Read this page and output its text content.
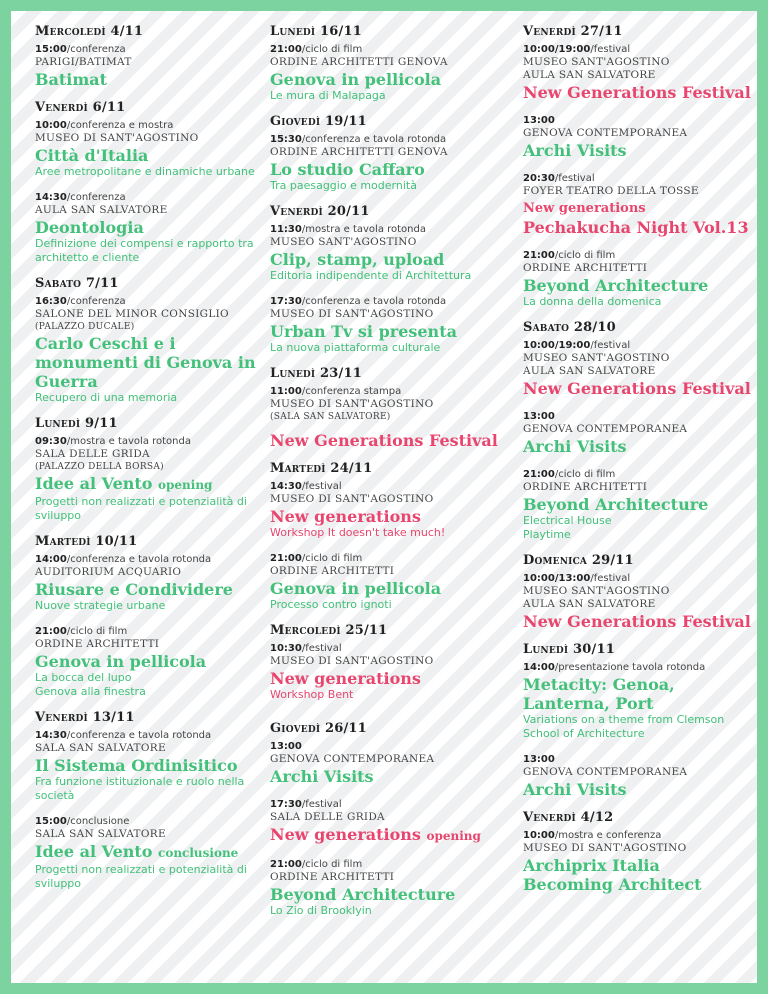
Mercoledì 4/11
15:00/conferenza
PARIGI/BATIMAT
Batimat
Venerdì 6/11
10:00/conferenza e mostra
MUSEO DI SANT'AGOSTINO
Città d'Italia
Aree metropolitane e dinamiche urbane
14:30/conferenza
AULA SAN SALVATORE
Deontologia
Definizione dei compensi e rapporto tra architetto e cliente
Sabato 7/11
16:30/conferenza
SALONE DEL MINOR CONSIGLIO
(PALAZZO DUCALE)
Carlo Ceschi e i monumenti di Genova in Guerra
Recupero di una memoria
Lunedì 9/11
09:30/mostra e tavola rotonda
SALA DELLE GRIDA
(PALAZZO DELLA BORSA)
Idee al Vento opening
Progetti non realizzati e potenzialità di sviluppo
Martedì 10/11
14:00/conferenza e tavola rotonda
AUDITORIUM ACQUARIO
Riusare e Condividere
Nuove strategie urbane
21:00/ciclo di film
ORDINE ARCHITETTI
Genova in pellicola
La bocca del lupo
Genova alla finestra
Venerdì 13/11
14:30/conferenza e tavola rotonda
SALA SAN SALVATORE
Il Sistema Ordinisitico
Fra funzione istituzionale e ruolo nella società
15:00/conclusione
SALA SAN SALVATORE
Idee al Vento conclusione
Progetti non realizzati e potenzialità di sviluppo
Lunedì 16/11
21:00/ciclo di film
ORDINE ARCHITETTI GENOVA
Genova in pellicola
Le mura di Malapaga
Giovedì 19/11
15:30/conferenza e tavola rotonda
ORDINE ARCHITETTI GENOVA
Lo studio Caffaro
Tra paesaggio e modernità
Venerdì 20/11
11:30/mostra e tavola rotonda
MUSEO SANT'AGOSTINO
Clip, stamp, upload
Editoria indipendente di Architettura
17:30/conferenza e tavola rotonda
MUSEO DI SANT'AGOSTINO
Urban Tv si presenta
La nuova piattaforma culturale
Lunedì 23/11
11:00/conferenza stampa
MUSEO DI SANT'AGOSTINO
(SALA SAN SALVATORE)
New Generations Festival
Martedì 24/11
14:30/festival
MUSEO DI SANT'AGOSTINO
New generations
Workshop It doesn't take much!
21:00/ciclo di film
ORDINE ARCHITETTI
Genova in pellicola
Processo contro ignoti
Mercoledì 25/11
10:30/festival
MUSEO DI SANT'AGOSTINO
New generations
Workshop Bent
Giovedì 26/11
13:00
GENOVA CONTEMPORANEA
Archi Visits
17:30/festival
SALA DELLE GRIDA
New generations opening
21:00/ciclo di film
ORDINE ARCHITETTI
Beyond Architecture
Lo Zio di Brooklyin
Venerdì 27/11
10:00/19:00/festival
MUSEO SANT'AGOSTINO
AULA SAN SALVATORE
New Generations Festival
13:00
GENOVA CONTEMPORANEA
Archi Visits
20:30/festival
FOYER TEATRO DELLA TOSSE
New generations
Pechakucha Night Vol.13
21:00/ciclo di film
ORDINE ARCHITETTI
Beyond Architecture
La donna della domenica
Sabato 28/10
10:00/19:00/festival
MUSEO SANT'AGOSTINO
AULA SAN SALVATORE
New Generations Festival
13:00
GENOVA CONTEMPORANEA
Archi Visits
21:00/ciclo di film
ORDINE ARCHITETTI
Beyond Architecture
Electrical House
Playtime
Domenica 29/11
10:00/13:00/festival
MUSEO SANT'AGOSTINO
AULA SAN SALVATORE
New Generations Festival
Lunedì 30/11
14:00/presentazione tavola rotonda
Metacity: Genoa, Lanterna, Port
Variations on a theme from Clemson School of Architecture
13:00
GENOVA CONTEMPORANEA
Archi Visits
Venerdì 4/12
10:00/mostra e conferenza
MUSEO DI SANT'AGOSTINO
Archiprix Italia Becoming Architect
